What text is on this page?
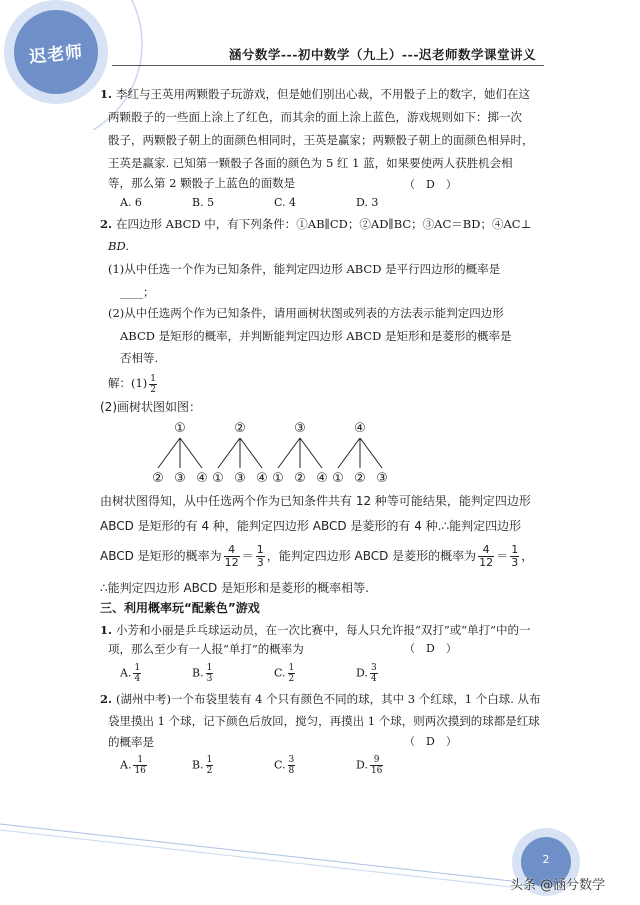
迟老师	涵兮数学---初中数学（九上）---迟老师数学课堂讲义
1. 李红与王英用两颗骰子玩游戏，但是她们别出心裁，不用骰子上的数字，她们在这
两颗骰子的一些面上涂上了红色，而其余的面上涂上蓝色，游戏规则如下：掷一次
骰子，两颗骰子朝上的面颜色相同时，王英是赢家；两颗骰子朝上的面颜色相异时，
王英是赢家. 已知第一颗骰子各面的颜色为 5 红 1 蓝，如果要使两人获胜机会相
等，那么第 2 颗骰子上蓝色的面数是	（　D　）
A. 6	B. 5	C. 4	D. 3
2. 在四边形 ABCD 中，有下列条件：①AB∥CD；②AD∥BC；③AC＝BD；④AC⊥
BD.
(1)从中任选一个作为已知条件，能判定四边形 ABCD 是平行四边形的概率是
____；
(2)从中任选两个作为已知条件，请用画树状图或列表的方法表示能判定四边形
ABCD 是矩形的概率，并判断能判定四边形 ABCD 是矩形和是菱形的概率是
否相等.
解：$(1) \frac{1}{2}$
(2)画树状图如图：
①
② ③ ④
②
① ③ ④
③
① ② ④
④
① ② ③
由树状图得知，从中任选两个作为已知条件共有 12 种等可能结果，能判定四边形
ABCD 是矩形的有 4 种，能判定四边形 ABCD 是菱形的有 4 种.∴能判定四边形
ABCD 是矩形的概率为 $\frac{4}{12} = \frac{1}{3}$ ，能判定四边形 ABCD 是菱形的概率为 $\frac{4}{12} = \frac{1}{3}$ ，
∴能判定四边形 ABCD 是矩形和是菱形的概率相等.
三、利用概率玩“配紫色”游戏
1. 小芳和小丽是乒乓球运动员，在一次比赛中，每人只允许报“双打”或“单打”中的一
项，那么至少有一人报“单打”的概率为	（　D　）
A. $\frac{1}{4}$	B. $\frac{1}{3}$	C. $\frac{1}{2}$	D. $\frac{3}{4}$
2. (湖州中考)一个布袋里装有 4 个只有颜色不同的球，其中 3 个红球，1 个白球. 从布
袋里摸出 1 个球，记下颜色后放回，搅匀，再摸出 1 个球，则两次摸到的球都是红球
的概率是	（　D　）
A. $\frac{1}{16}$	B. $\frac{1}{2}$	C. $\frac{3}{8}$	D. $\frac{9}{16}$
2
头条 @涵兮数学
